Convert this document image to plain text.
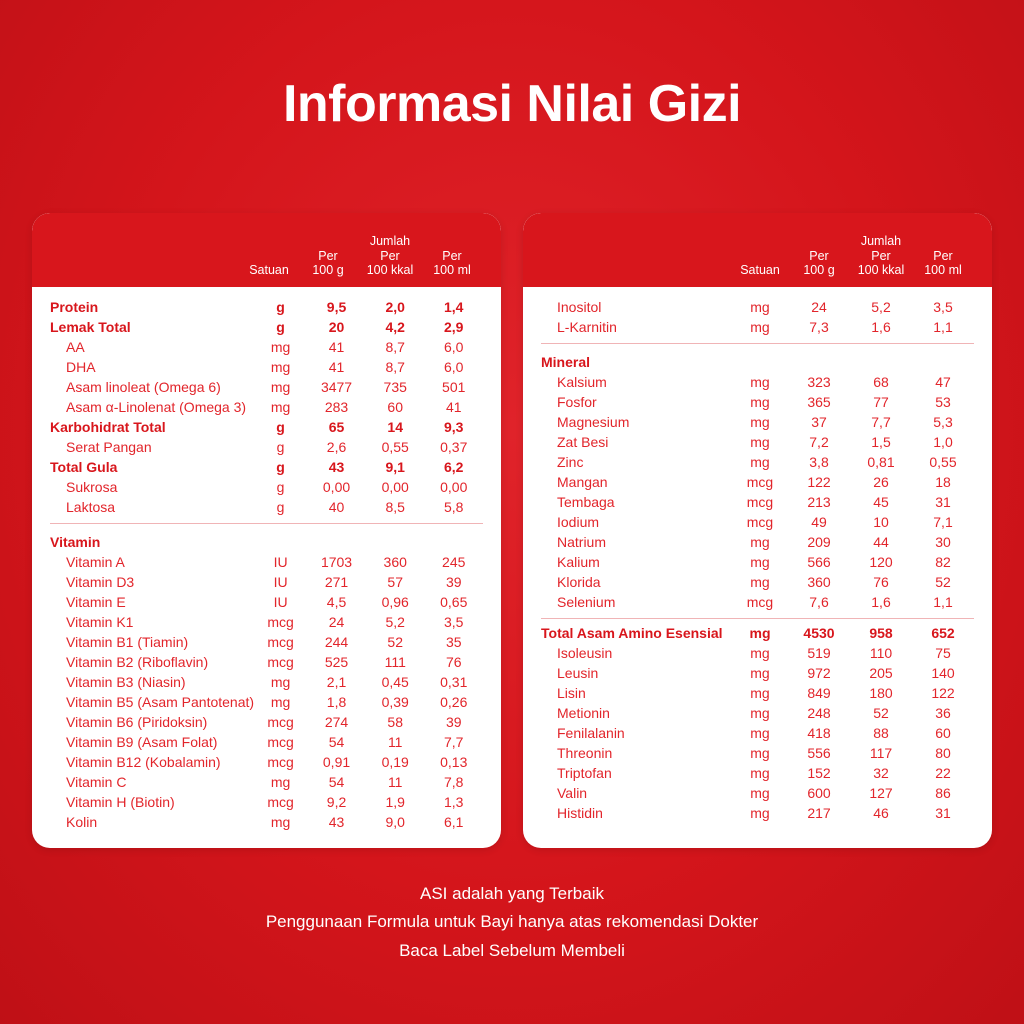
Informasi Nilai Gizi
Satuan
Jumlah
Per
100 g
Per
100 kkal
Per
100 ml
Protein	g	9,5	2,0	1,4
Lemak Total	g	20	4,2	2,9
AA	mg	41	8,7	6,0
DHA	mg	41	8,7	6,0
Asam linoleat (Omega 6)	mg	3477	735	501
Asam α-Linolenat (Omega 3)	mg	283	60	41
Karbohidrat Total	g	65	14	9,3
Serat Pangan	g	2,6	0,55	0,37
Total Gula	g	43	9,1	6,2
Sukrosa	g	0,00	0,00	0,00
Laktosa	g	40	8,5	5,8

Vitamin				
Vitamin A	IU	1703	360	245
Vitamin D3	IU	271	57	39
Vitamin E	IU	4,5	0,96	0,65
Vitamin K1	mcg	24	5,2	3,5
Vitamin B1 (Tiamin)	mcg	244	52	35
Vitamin B2 (Riboflavin)	mcg	525	111	76
Vitamin B3 (Niasin)	mg	2,1	0,45	0,31
Vitamin B5 (Asam Pantotenat)	mg	1,8	0,39	0,26
Vitamin B6 (Piridoksin)	mcg	274	58	39
Vitamin B9 (Asam Folat)	mcg	54	11	7,7
Vitamin B12 (Kobalamin)	mcg	0,91	0,19	0,13
Vitamin C	mg	54	11	7,8
Vitamin H (Biotin)	mcg	9,2	1,9	1,3
Kolin	mg	43	9,0	6,1
Satuan
Jumlah
Per
100 g
Per
100 kkal
Per
100 ml
Inositol	mg	24	5,2	3,5
L-Karnitin	mg	7,3	1,6	1,1

Mineral				
Kalsium	mg	323	68	47
Fosfor	mg	365	77	53
Magnesium	mg	37	7,7	5,3
Zat Besi	mg	7,2	1,5	1,0
Zinc	mg	3,8	0,81	0,55
Mangan	mcg	122	26	18
Tembaga	mcg	213	45	31
Iodium	mcg	49	10	7,1
Natrium	mg	209	44	30
Kalium	mg	566	120	82
Klorida	mg	360	76	52
Selenium	mcg	7,6	1,6	1,1

Total Asam Amino Esensial	mg	4530	958	652
Isoleusin	mg	519	110	75
Leusin	mg	972	205	140
Lisin	mg	849	180	122
Metionin	mg	248	52	36
Fenilalanin	mg	418	88	60
Threonin	mg	556	117	80
Triptofan	mg	152	32	22
Valin	mg	600	127	86
Histidin	mg	217	46	31
ASI adalah yang Terbaik
Penggunaan Formula untuk Bayi hanya atas rekomendasi Dokter
Baca Label Sebelum Membeli
